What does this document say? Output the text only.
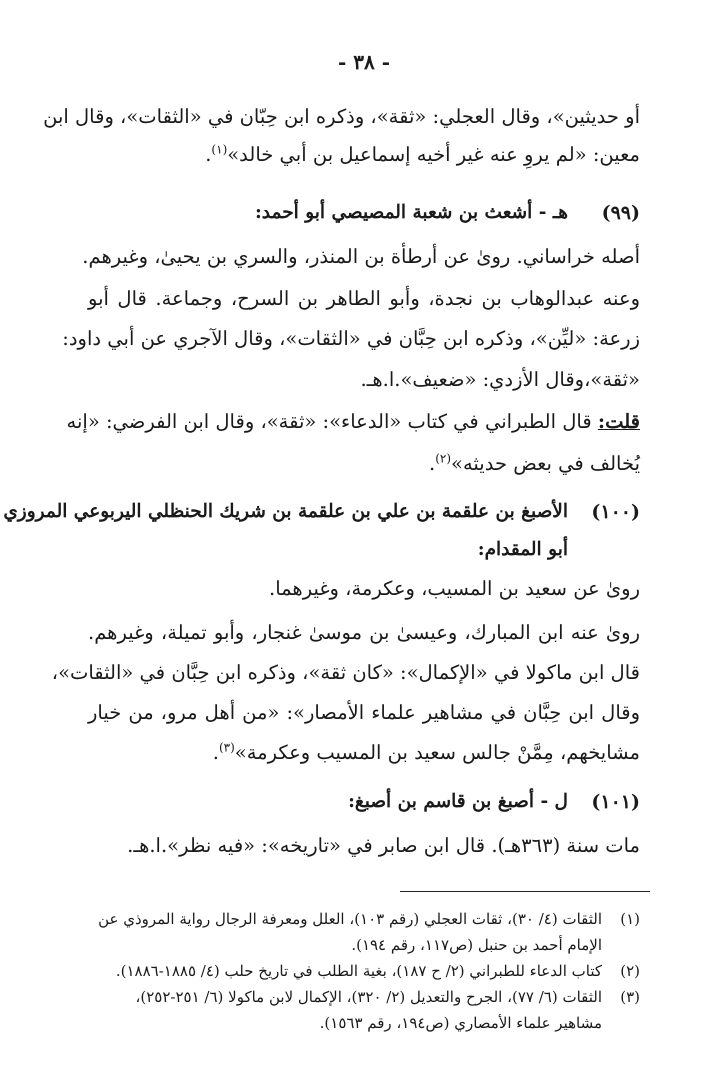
- ٣٨ -
أو حديثين»، وقال العجلي: «ثقة»، وذكره ابن حِبّان في «الثقات»، وقال ابن
معين: «لم يروِ عنه غير أخيه إسماعيل بن أبي خالد»$^{(١)}$.
(٩٩)
هـ - أشعث بن شعبة المصيصي أبو أحمد:
أصله خراساني. روىٰ عن أرطأة بن المنذر، والسري بن يحيىٰ، وغيرهم.
وعنه عبدالوهاب بن نجدة، وأبو الطاهر بن السرح، وجماعة. قال أبو
زرعة: «ليِّن»، وذكره ابن حِبَّان في «الثقات»، وقال الآجري عن أبي داود:
«ثقة»،وقال الأزدي: «ضعيف».ا.هـ.
قلت: قال الطبراني في كتاب «الدعاء»: «ثقة»، وقال ابن الفرضي: «إنه
يُخالف في بعض حديثه»$^{(٢)}$.
(١٠٠)
الأصبغ بن علقمة بن علي بن علقمة بن شريك الحنظلي اليربوعي المروزي
أبو المقدام:
روىٰ عن سعيد بن المسيب، وعكرمة، وغيرهما.
روىٰ عنه ابن المبارك، وعيسىٰ بن موسىٰ غنجار، وأبو تميلة، وغيرهم.
قال ابن ماكولا في «الإكمال»: «كان ثقة»، وذكره ابن حِبَّان في «الثقات»،
وقال ابن حِبَّان في مشاهير علماء الأمصار»: «من أهل مرو، من خيار
مشايخهم، مِمَّنْ جالس سعيد بن المسيب وعكرمة»$^{(٣)}$.
(١٠١)
ل - أصبغ بن قاسم بن أصبغ:
مات سنة (٣٦٣هـ). قال ابن صابر في «تاريخه»: «فيه نظر».ا.هـ.
(١)الثقات (٤/ ٣٠)، ثقات العجلي (رقم ١٠٣)، العلل ومعرفة الرجال رواية المروذي عن
الإمام أحمد بن حنبل (ص١١٧، رقم ١٩٤).
(٢)كتاب الدعاء للطبراني (٢/ ح ١٨٧)، بغية الطلب في تاريخ حلب (٤/ ١٨٨٥-١٨٨٦).
(٣)الثقات (٦/ ٧٧)، الجرح والتعديل (٢/ ٣٢٠)، الإكمال لابن ماكولا (٦/ ٢٥١-٢٥٢)،
مشاهير علماء الأمصاري (ص١٩٤، رقم ١٥٦٣).
